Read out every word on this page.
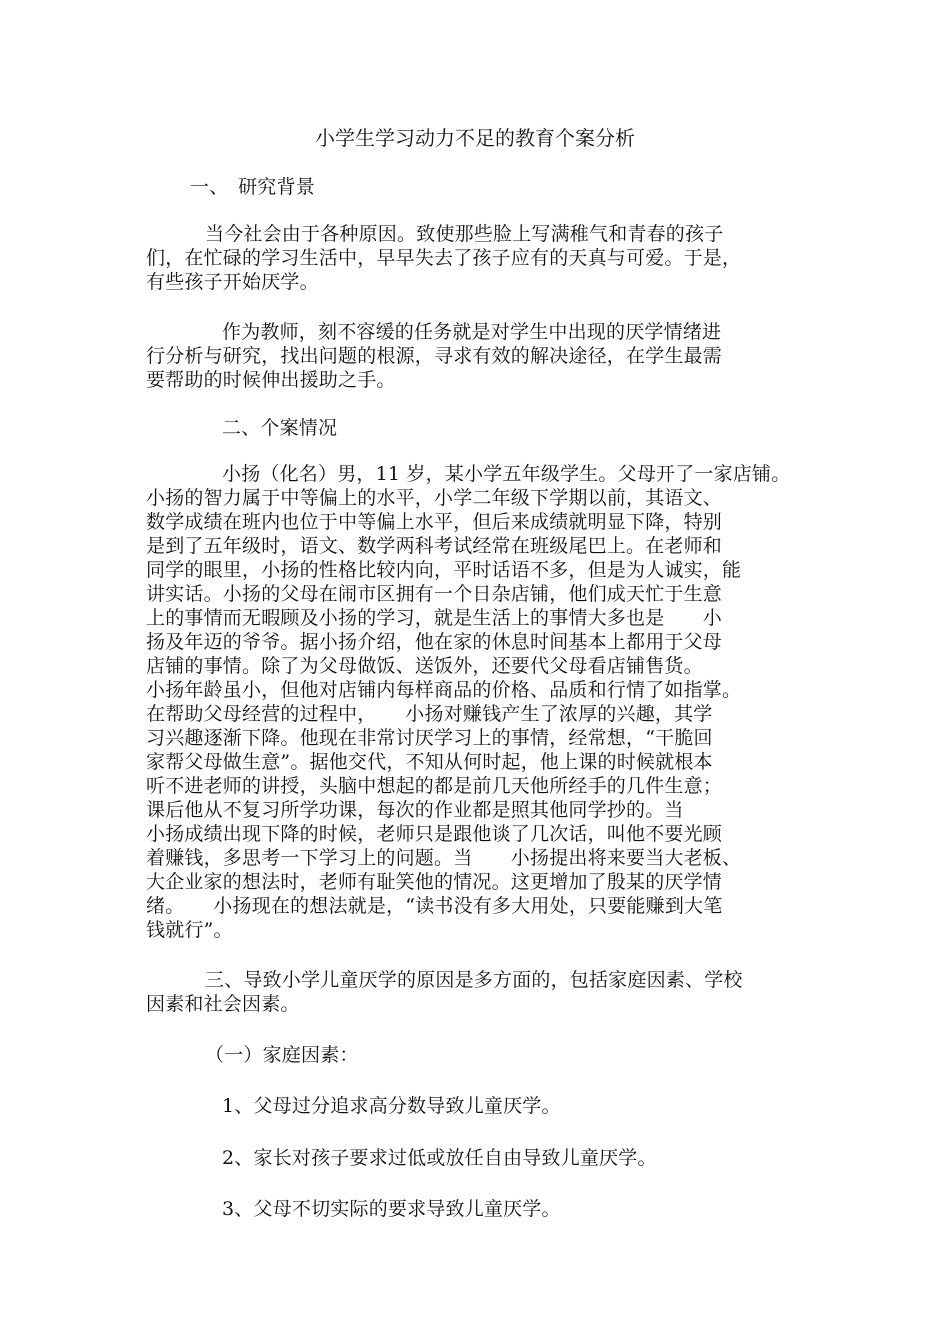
小学生学习动力不足的教育个案分析
一、　研究背景
当今社会由于各种原因。致使那些脸上写满稚气和青春的孩子
们，在忙碌的学习生活中，早早失去了孩子应有的天真与可爱。于是，
有些孩子开始厌学。
作为教师，刻不容缓的任务就是对学生中出现的厌学情绪进
行分析与研究，找出问题的根源，寻求有效的解决途径，在学生最需
要帮助的时候伸出援助之手。
二、个案情况
小扬（化名）男，11 岁，某小学五年级学生。父母开了一家店铺。
小扬的智力属于中等偏上的水平，小学二年级下学期以前，其语文、
数学成绩在班内也位于中等偏上水平，但后来成绩就明显下降，特别
是到了五年级时，语文、数学两科考试经常在班级尾巴上。在老师和
同学的眼里，小扬的性格比较内向，平时话语不多，但是为人诚实，能
讲实话。小扬的父母在闹市区拥有一个日杂店铺，他们成天忙于生意
上的事情而无暇顾及小扬的学习，就是生活上的事情大多也是　　小
扬及年迈的爷爷。据小扬介绍，他在家的休息时间基本上都用于父母
店铺的事情。除了为父母做饭、送饭外，还要代父母看店铺售货。
小扬年龄虽小，但他对店铺内每样商品的价格、品质和行情了如指掌。
在帮助父母经营的过程中，　　小扬对赚钱产生了浓厚的兴趣，其学
习兴趣逐渐下降。他现在非常讨厌学习上的事情，经常想，“干脆回
家帮父母做生意”。据他交代，不知从何时起，他上课的时候就根本
听不进老师的讲授，头脑中想起的都是前几天他所经手的几件生意；
课后他从不复习所学功课，每次的作业都是照其他同学抄的。当
小扬成绩出现下降的时候，老师只是跟他谈了几次话，叫他不要光顾
着赚钱，多思考一下学习上的问题。当　　小扬提出将来要当大老板、
大企业家的想法时，老师有耻笑他的情况。这更增加了殷某的厌学情
绪。　　小扬现在的想法就是，“读书没有多大用处，只要能赚到大笔
钱就行”。
三、导致小学儿童厌学的原因是多方面的，包括家庭因素、学校
因素和社会因素。
（一）家庭因素：
1、父母过分追求高分数导致儿童厌学。
2、家长对孩子要求过低或放任自由导致儿童厌学。
3、父母不切实际的要求导致儿童厌学。
